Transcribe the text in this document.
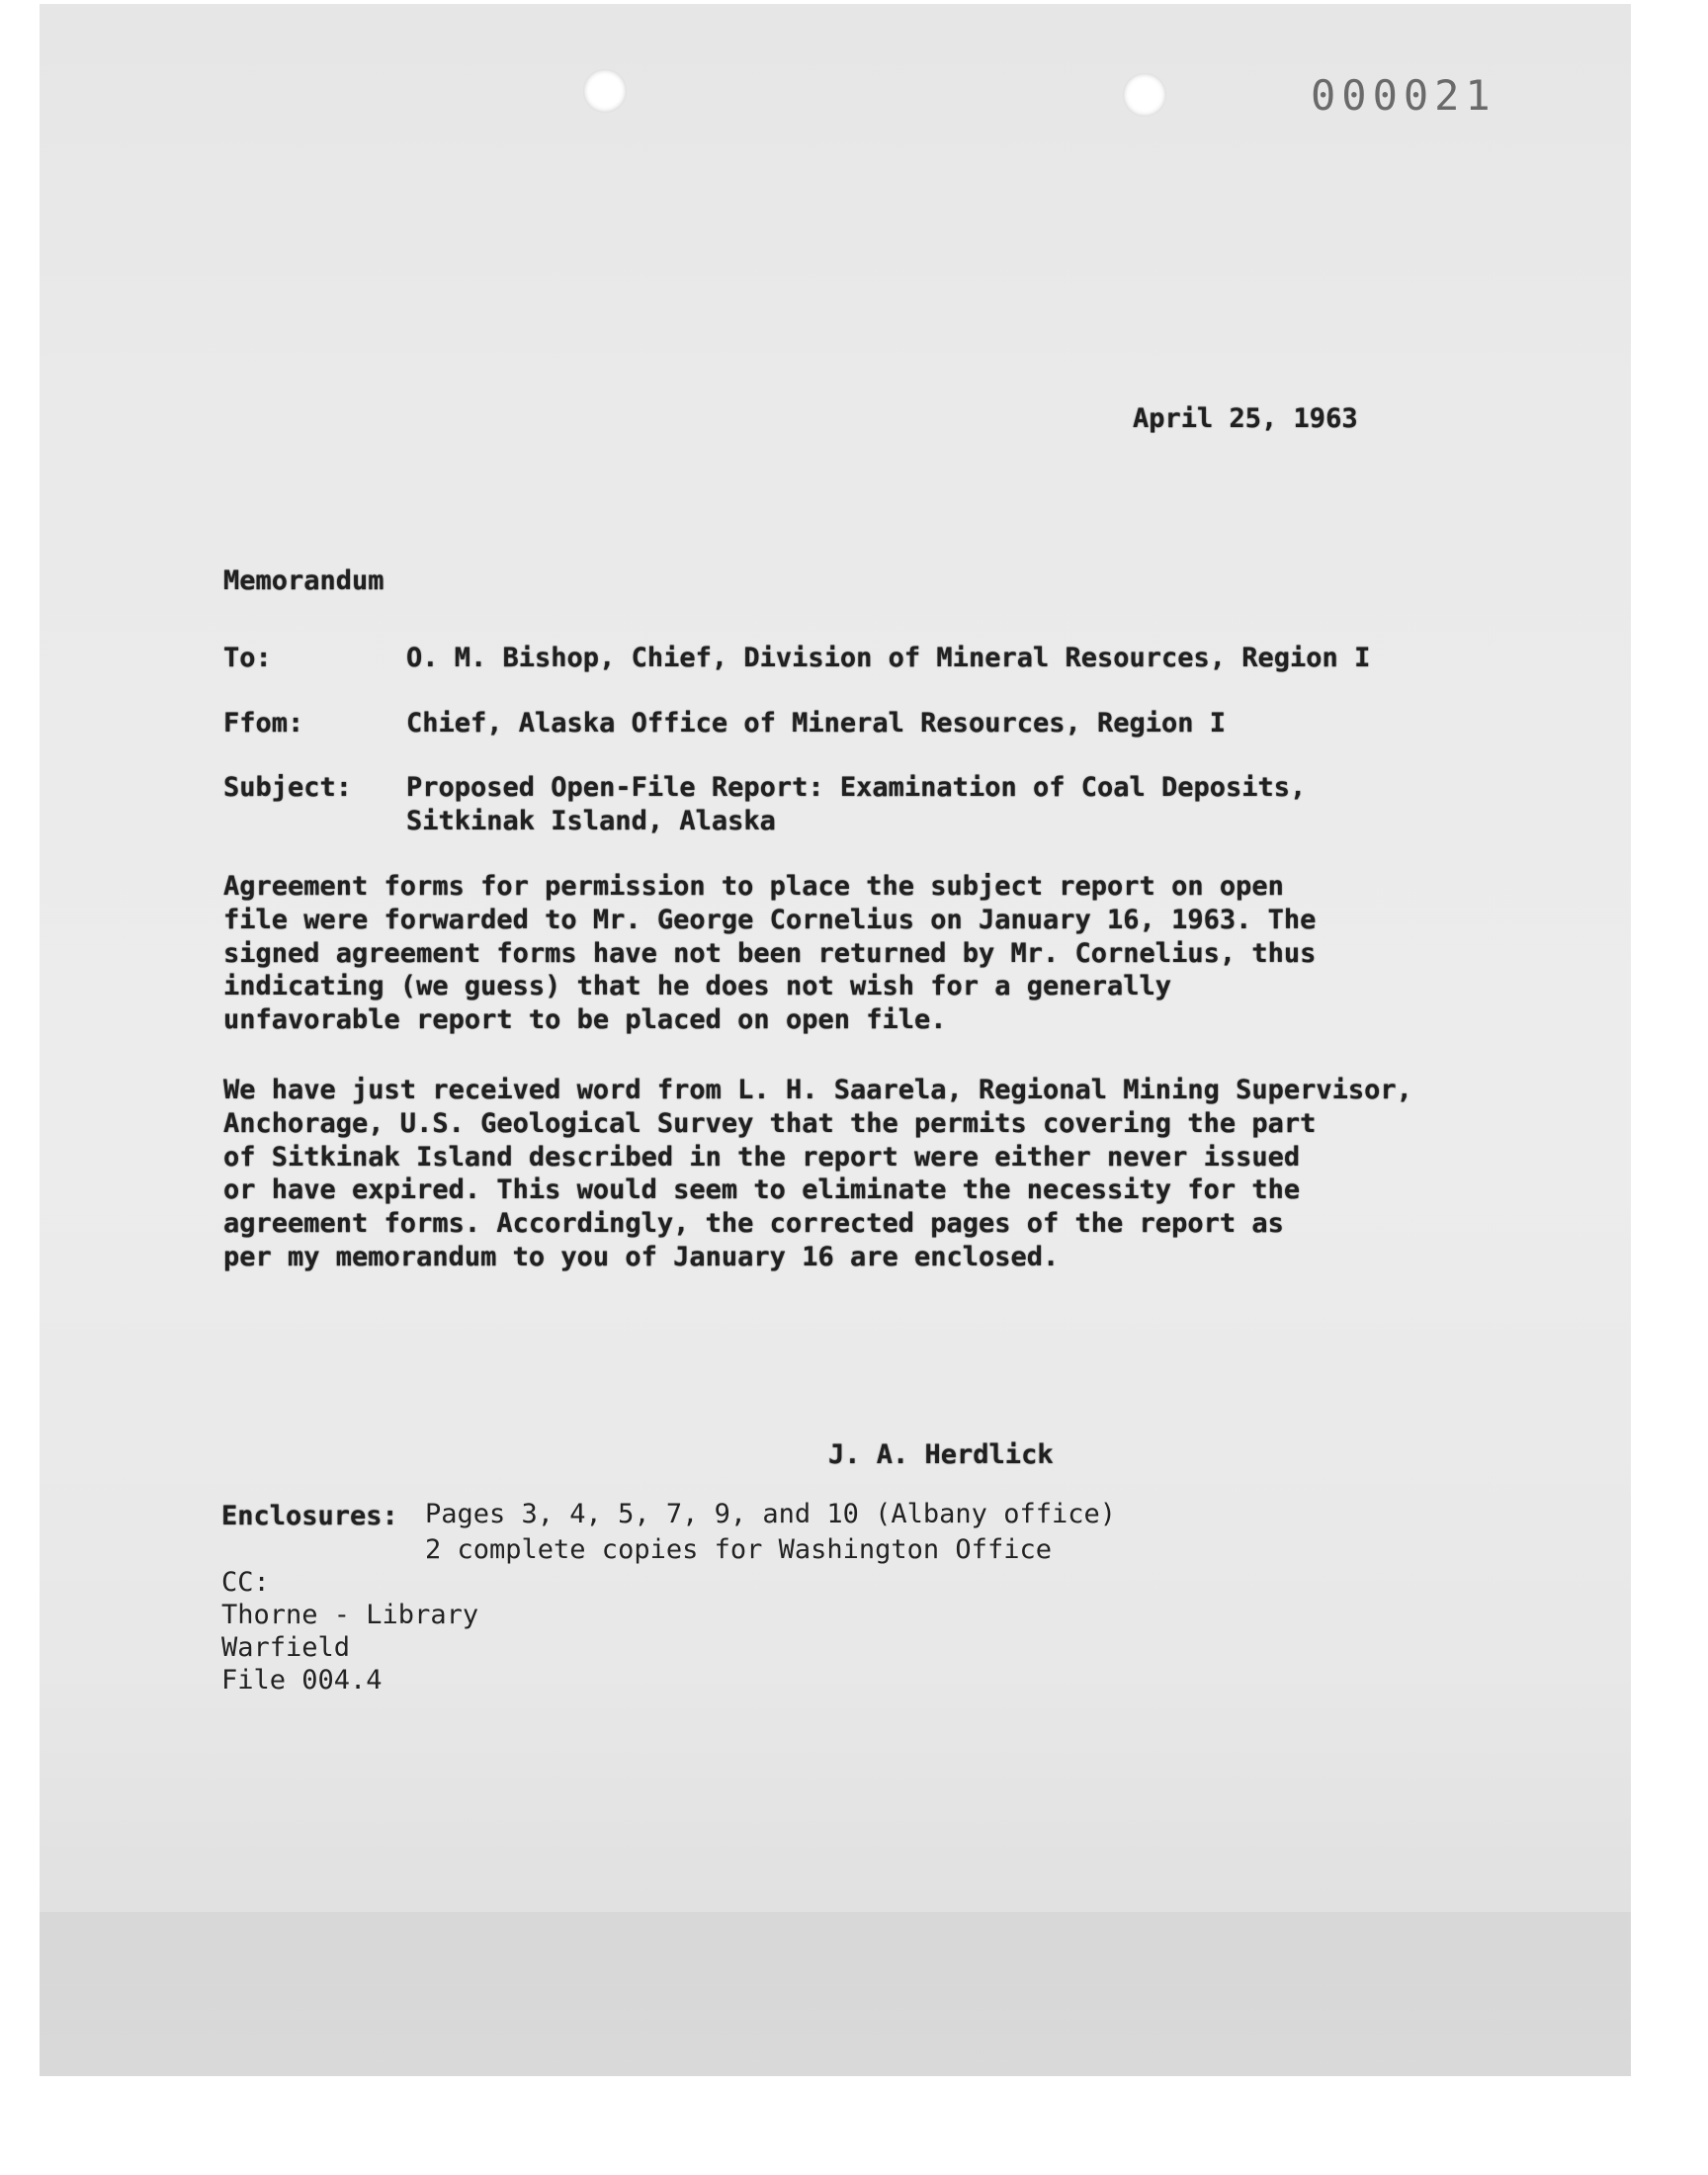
000021
April 25, 1963
Memorandum
To:	O. M. Bishop, Chief, Division of Mineral Resources, Region I
Ffom:	Chief, Alaska Office of Mineral Resources, Region I
Subject: Proposed Open-File Report: Examination of Coal Deposits,
Sitkinak Island, Alaska
Agreement forms for permission to place the subject report on open
file were forwarded to Mr. George Cornelius on January 16, 1963. The
signed agreement forms have not been returned by Mr. Cornelius, thus
indicating (we guess) that he does not wish for a generally
unfavorable report to be placed on open file.
We have just received word from L. H. Saarela, Regional Mining Supervisor,
Anchorage, U.S. Geological Survey that the permits covering the part
of Sitkinak Island described in the report were either never issued
or have expired. This would seem to eliminate the necessity for the
agreement forms. Accordingly, the corrected pages of the report as
per my memorandum to you of January 16 are enclosed.
J. A. Herdlick
Enclosures: Pages 3, 4, 5, 7, 9, and 10 (Albany office)
2 complete copies for Washington Office
CC:
Thorne - Library
Warfield
File 004.4
